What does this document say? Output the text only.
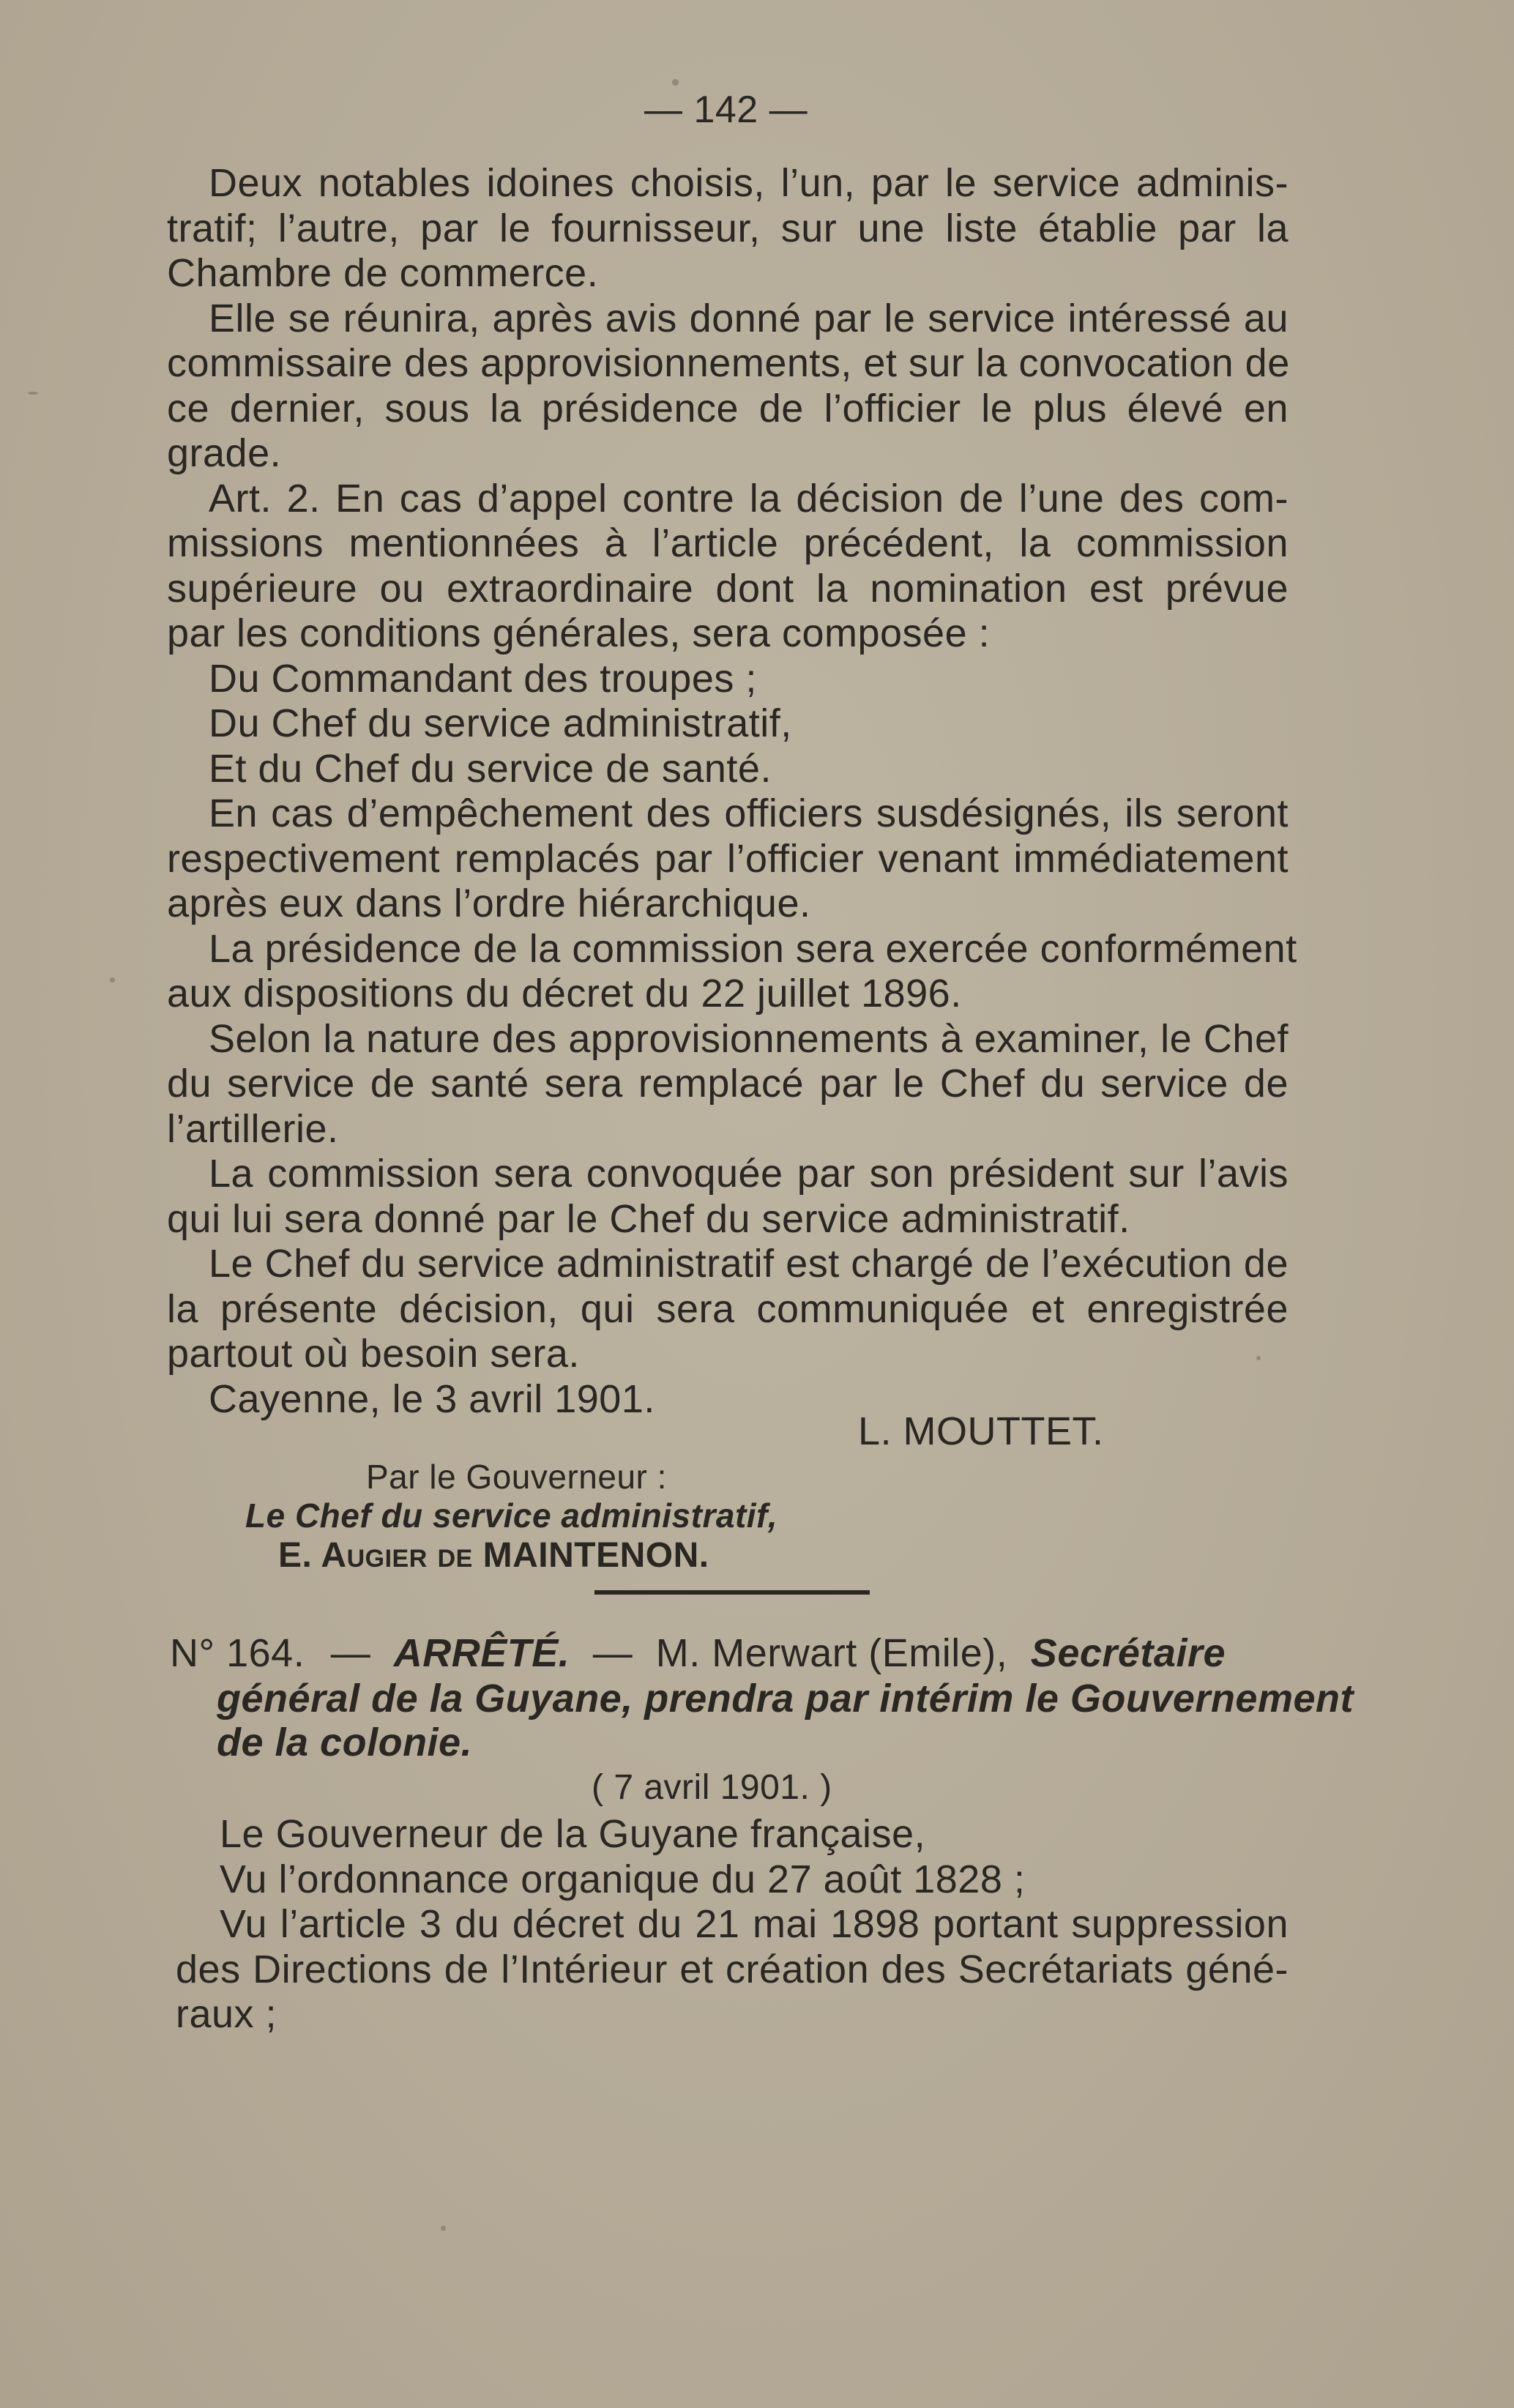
— 142 —
Deux notables idoines choisis, l’un, par le service adminis-
tratif; l’autre, par le fournisseur, sur une liste établie par la
Chambre de commerce.
Elle se réunira, après avis donné par le service intéressé au
commissaire des approvisionnements, et sur la convocation de
ce dernier, sous la présidence de l’officier le plus élevé en
grade.
Art. 2. En cas d’appel contre la décision de l’une des com-
missions mentionnées à l’article précédent, la commission
supérieure ou extraordinaire dont la nomination est prévue
par les conditions générales, sera composée :
Du Commandant des troupes ;
Du Chef du service administratif,
Et du Chef du service de santé.
En cas d’empêchement des officiers susdésignés, ils seront
respectivement remplacés par l’officier venant immédiatement
après eux dans l’ordre hiérarchique.
La présidence de la commission sera exercée conformément
aux dispositions du décret du 22 juillet 1896.
Selon la nature des approvisionnements à examiner, le Chef
du service de santé sera remplacé par le Chef du service de
l’artillerie.
La commission sera convoquée par son président sur l’avis
qui lui sera donné par le Chef du service administratif.
Le Chef du service administratif est chargé de l’exécution de
la présente décision, qui sera communiquée et enregistrée
partout où besoin sera.
Cayenne, le 3 avril 1901.
L. MOUTTET.
Par le Gouverneur :
Le Chef du service administratif,
E. Augier de MAINTENON.
N° 164. — ARRÊTÉ. — M. Merwart (Emile), Secrétaire
général de la Guyane, prendra par intérim le Gouvernement
de la colonie.
( 7 avril 1901. )
Le Gouverneur de la Guyane française,
Vu l’ordonnance organique du 27 août 1828 ;
Vu l’article 3 du décret du 21 mai 1898 portant suppression
des Directions de l’Intérieur et création des Secrétariats géné-
raux ;
